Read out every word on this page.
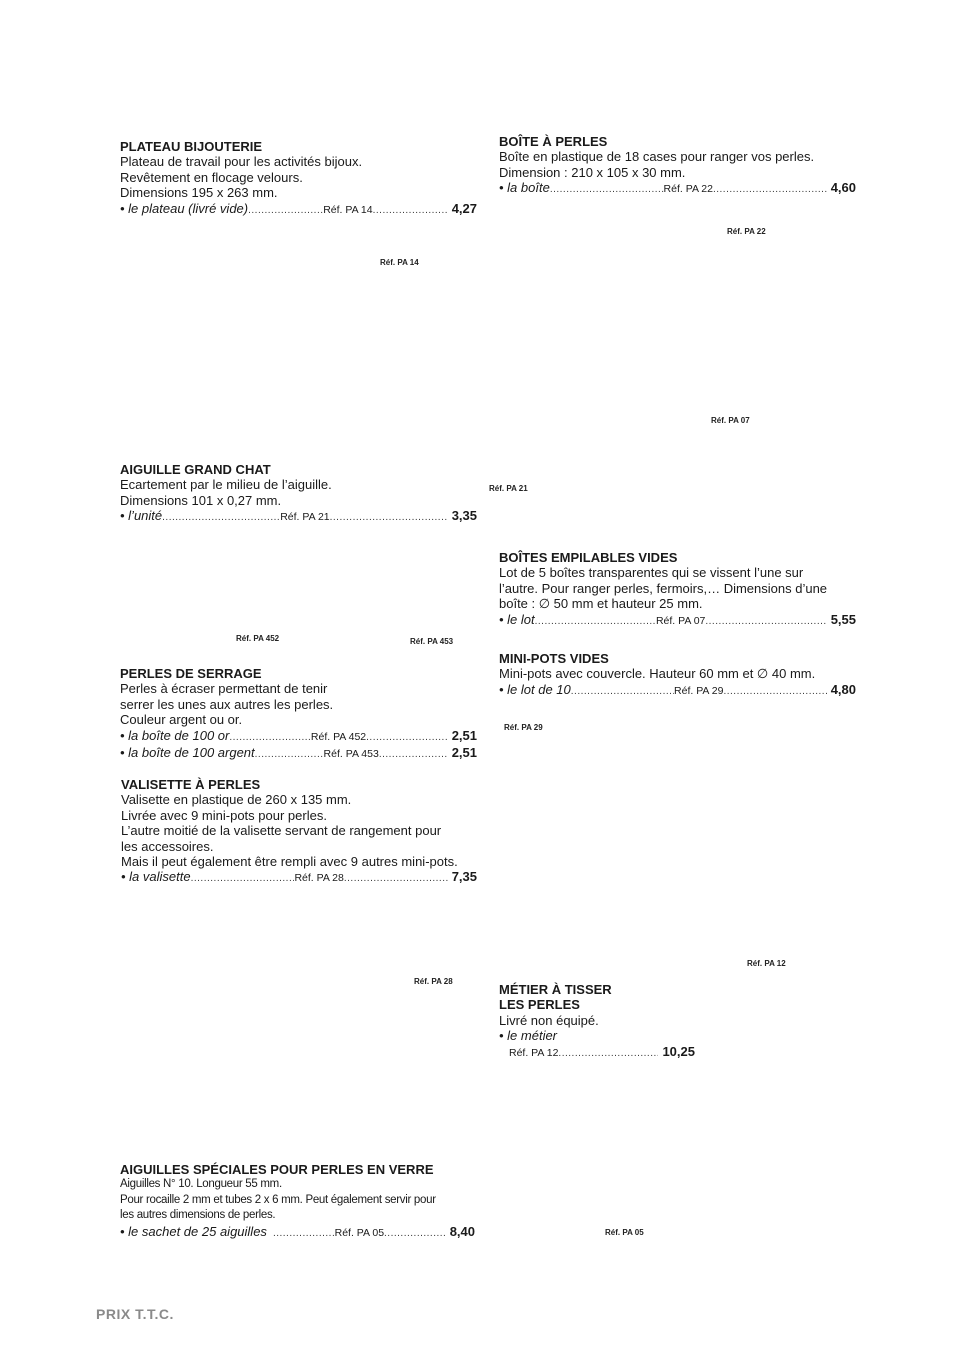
PLATEAU BIJOUTERIE
Plateau de travail pour les activités bijoux.
Revêtement en flocage velours.
Dimensions 195 x 263 mm.
• le plateau (livré vide) .....	Réf. PA 14 .....	4,27
Réf. PA 14
BOÎTE À PERLES
Boîte en plastique de 18 cases pour ranger vos perles.
Dimension : 210 x 105 x 30 mm.
• la boîte .....	Réf. PA 22 .....	4,60
Réf. PA 22
Réf. PA 07
AIGUILLE GRAND CHAT
Ecartement par le milieu de l’aiguille.
Dimensions 101 x 0,27 mm.
• l’unité .....	Réf. PA 21 .....	3,35
Réf. PA 21
BOÎTES EMPILABLES VIDES
Lot de 5 boîtes transparentes qui se vissent l’une sur
l’autre. Pour ranger perles, fermoirs,… Dimensions d’une
boîte : ∅ 50 mm et hauteur 25 mm.
• le lot .....	Réf. PA 07 .....	5,55
Réf. PA 452	Réf. PA 453
MINI-POTS VIDES
Mini-pots avec couvercle. Hauteur 60 mm et ∅ 40 mm.
• le lot de 10 .....	Réf. PA 29 .....	4,80
Réf. PA 29
PERLES DE SERRAGE
Perles à écraser permettant de tenir
serrer les unes aux autres les perles.
Couleur argent ou or.
• la boîte de 100 or .....	Réf. PA 452 .....	2,51
• la boîte de 100 argent .....	Réf. PA 453 .....	2,51
VALISETTE À PERLES
Valisette en plastique de 260 x 135 mm.
Livrée avec 9 mini-pots pour perles.
L’autre moitié de la valisette servant de rangement pour
les accessoires.
Mais il peut également être rempli avec 9 autres mini-pots.
• la valisette .....	Réf. PA 28 .....	7,35
Réf. PA 12
Réf. PA 28
MÉTIER À TISSER
LES PERLES
Livré non équipé.
• le métier
Réf. PA 12 .....	10,25
AIGUILLES SPÉCIALES POUR PERLES EN VERRE
Aiguilles N° 10. Longueur 55 mm.
Pour rocaille 2 mm et tubes 2 x 6 mm. Peut également servir pour
les autres dimensions de perles.
• le sachet de 25 aiguilles .....	Réf. PA 05 .....	8,40	Réf. PA 05
PRIX T.T.C.
